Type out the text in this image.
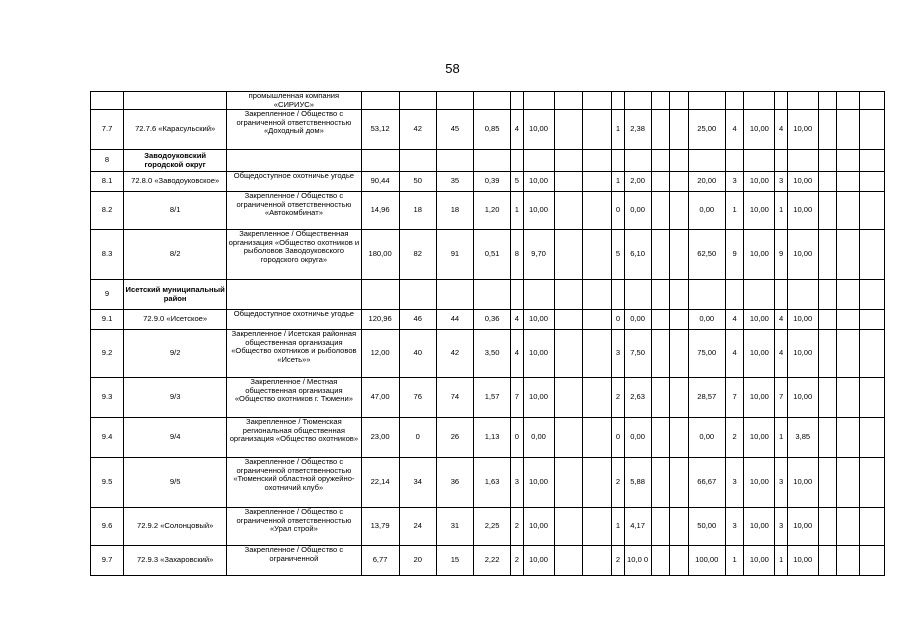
58
		промышленная компания «СИРИУС»																				
7.7	72.7.6 «Карасульский»	Закрепленное / Общество с ограниченной ответственностью «Доходный дом»	53,12	42	45	0,85	4	10,00			1	2,38			25,00	4	10,00	4	10,00			
8	Заводоуковский городской округ																					
8.1	72.8.0 «Заводоуковское»	Общедоступное охотничье угодье	90,44	50	35	0,39	5	10,00			1	2,00			20,00	3	10,00	3	10,00			
8.2	8/1	Закрепленное / Общество с ограниченной ответственностью «Автокомбинат»	14,96	18	18	1,20	1	10,00			0	0,00			0,00	1	10,00	1	10,00			
8.3	8/2	Закрепленное / Общественная организация «Общество охотников и рыболовов Заводоуковского городского округа»	180,00	82	91	0,51	8	9,70			5	6,10			62,50	9	10,00	9	10,00			
9	Исетский муниципальный район																					
9.1	72.9.0 «Исетское»	Общедоступное охотничье угодье	120,96	46	44	0,36	4	10,00			0	0,00			0,00	4	10,00	4	10,00			
9.2	9/2	Закрепленное / Исетская районная общественная организация «Общество охотников и рыболовов «Исеть»»	12,00	40	42	3,50	4	10,00			3	7,50			75,00	4	10,00	4	10,00			
9.3	9/3	Закрепленное / Местная общественная организация «Общество охотников г. Тюмени»	47,00	76	74	1,57	7	10,00			2	2,63			28,57	7	10,00	7	10,00			
9.4	9/4	Закрепленное / Тюменская региональная общественная организация «Общество охотников»	23,00	0	26	1,13	0	0,00			0	0,00			0,00	2	10,00	1	3,85			
9.5	9/5	Закрепленное / Общество с ограниченной ответственностью «Тюменский областной оружейно-охотничий клуб»	22,14	34	36	1,63	3	10,00			2	5,88			66,67	3	10,00	3	10,00			
9.6	72.9.2 «Солонцовый»	Закрепленное / Общество с ограниченной ответственностью «Урал строй»	13,79	24	31	2,25	2	10,00			1	4,17			50,00	3	10,00	3	10,00			
9.7	72.9.3 «Захаровский»	Закрепленное / Общество с ограниченной	6,77	20	15	2,22	2	10,00			2	10,0 0			100,00	1	10,00	1	10,00			
